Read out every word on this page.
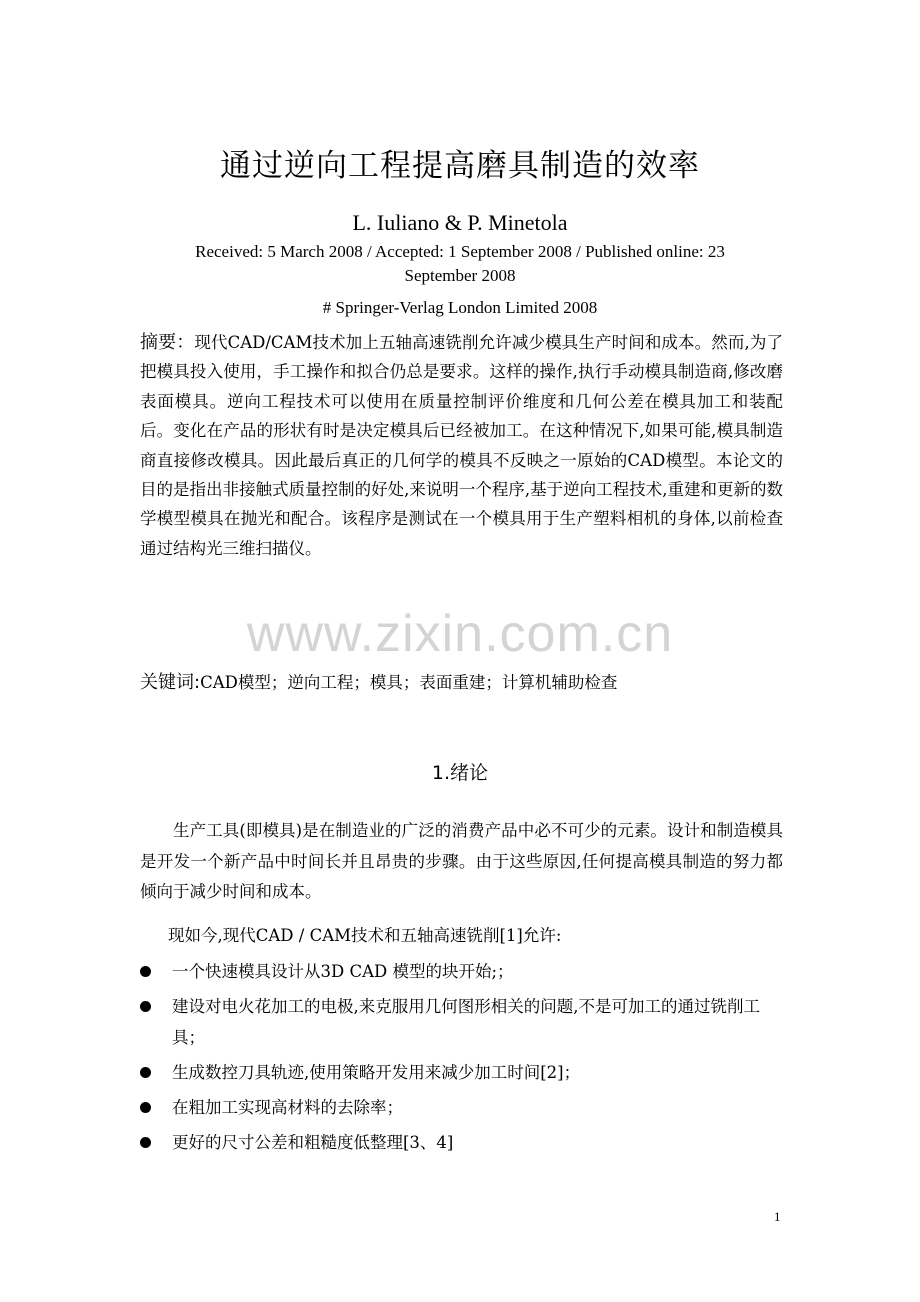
通过逆向工程提高磨具制造的效率
L. Iuliano & P. Minetola
Received: 5 March 2008 / Accepted: 1 September 2008 / Published online: 23 September 2008
# Springer-Verlag London Limited 2008

摘要：现代CAD/CAM技术加上五轴高速铣削允许减少模具生产时间和成本。然而,为了把模具投入使用，手工操作和拟合仍总是要求。这样的操作,执行手动模具制造商,修改磨表面模具。逆向工程技术可以使用在质量控制评价维度和几何公差在模具加工和装配后。变化在产品的形状有时是决定模具后已经被加工。在这种情况下,如果可能,模具制造商直接修改模具。因此最后真正的几何学的模具不反映之一原始的CAD模型。本论文的目的是指出非接触式质量控制的好处,来说明一个程序,基于逆向工程技术,重建和更新的数学模型模具在抛光和配合。该程序是测试在一个模具用于生产塑料相机的身体,以前检查通过结构光三维扫描仪。

www.zixin.com.cn
关键词:CAD模型；逆向工程；模具；表面重建；计算机辅助检查
1.绪论

生产工具(即模具)是在制造业的广泛的消费产品中必不可少的元素。设计和制造模具是开发一个新产品中时间长并且昂贵的步骤。由于这些原因,任何提高模具制造的努力都倾向于减少时间和成本。

现如今,现代CAD / CAM技术和五轴高速铣削[1]允许:
一个快速模具设计从3D CAD 模型的块开始;；
建设对电火花加工的电极,来克服用几何图形相关的问题,不是可加工的通过铣削工具；
生成数控刀具轨迹,使用策略开发用来减少加工时间[2]；
在粗加工实现高材料的去除率；
更好的尺寸公差和粗糙度低整理[3、4]
1
